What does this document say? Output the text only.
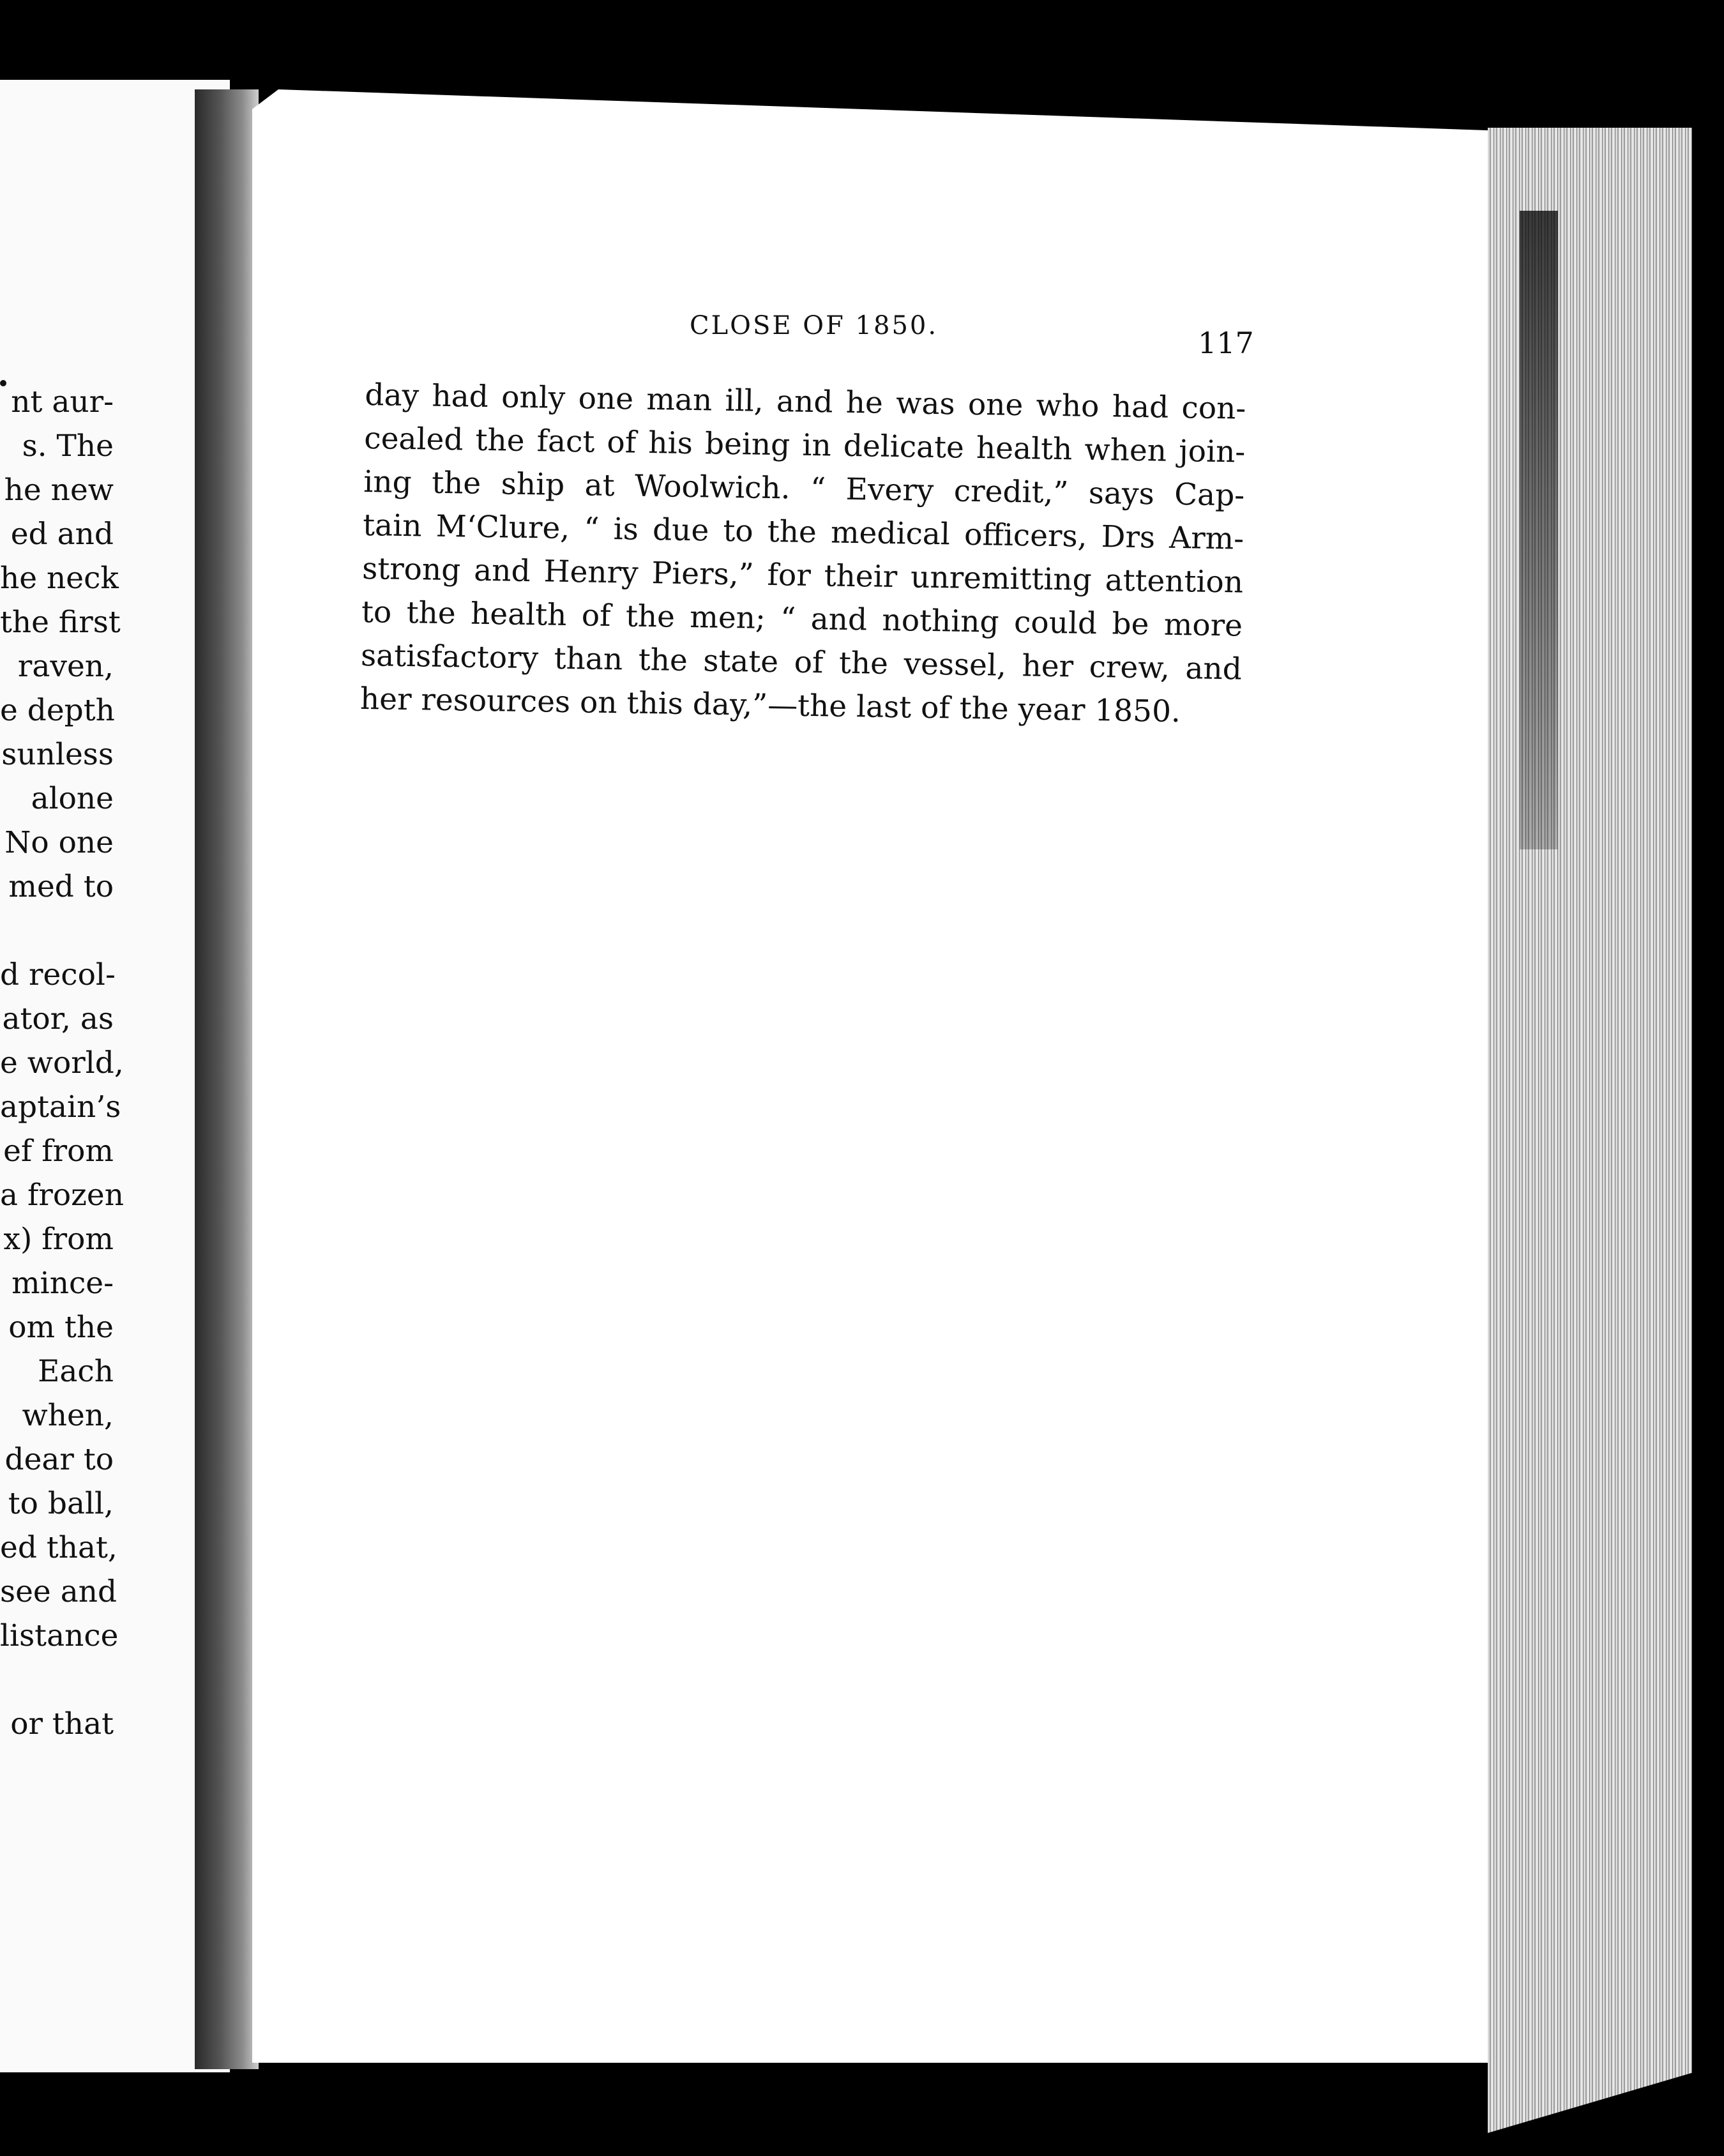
nt aur-
s. The
he new
ed and
he neck
the first
raven,
e depth
sunless
alone
No one
med to
d recol-
ator, as
e world,
aptain’s
ef from
a frozen
x) from
mince-
om the
Each
when,
dear to
to ball,
ed that,
see and
listance
or that
CLOSE OF 1850.	117
day had only one man ill, and he was one who had con-
cealed the fact of his being in delicate health when join-
ing the ship at Woolwich. “ Every credit,” says Cap-
tain M‘Clure, “ is due to the medical officers, Drs Arm-
strong and Henry Piers,” for their unremitting attention
to the health of the men; “ and nothing could be more
satisfactory than the state of the vessel, her crew, and
her resources on this day,”—the last of the year 1850.
